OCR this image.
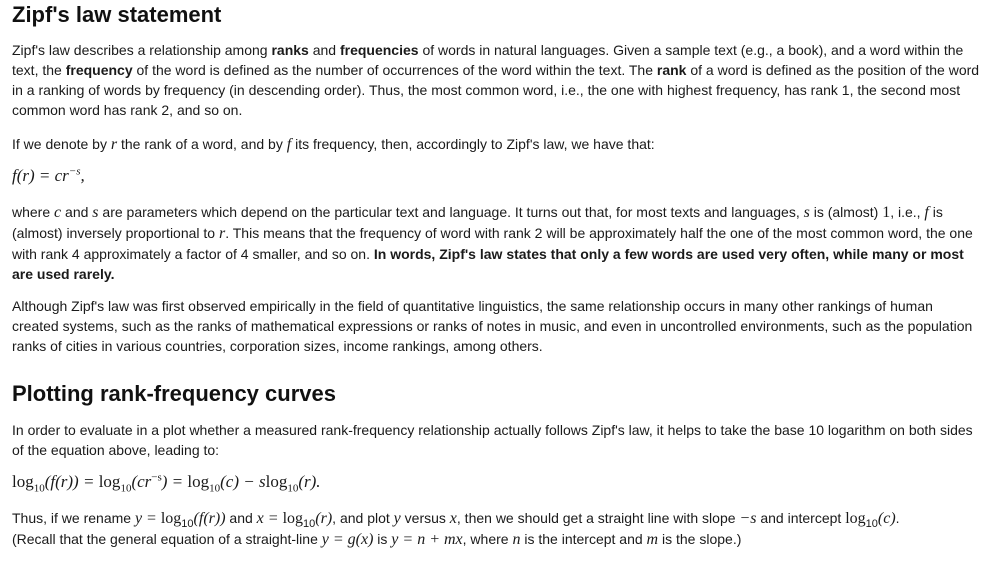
Zipf's law statement

Zipf's law describes a relationship among ranks and frequencies of words in natural languages. Given a sample text (e.g., a book), and a word within the text, the frequency of the word is defined as the number of occurrences of the word within the text. The rank of a word is defined as the position of the word in a ranking of words by frequency (in descending order). Thus, the most common word, i.e., the one with highest frequency, has rank 1, the second most common word has rank 2, and so on.

If we denote by r the rank of a word, and by f its frequency, then, accordingly to Zipf's law, we have that:

$f(r) = cr^{-s}$,

where c and s are parameters which depend on the particular text and language. It turns out that, for most texts and languages, s is (almost) 1, i.e., f is (almost) inversely proportional to r. This means that the frequency of word with rank 2 will be approximately half the one of the most common word, the one with rank 4 approximately a factor of 4 smaller, and so on. In words, Zipf's law states that only a few words are used very often, while many or most are used rarely.

Although Zipf's law was first observed empirically in the field of quantitative linguistics, the same relationship occurs in many other rankings of human created systems, such as the ranks of mathematical expressions or ranks of notes in music, and even in uncontrolled environments, such as the population ranks of cities in various countries, corporation sizes, income rankings, among others.

Plotting rank-frequency curves

In order to evaluate in a plot whether a measured rank-frequency relationship actually follows Zipf's law, it helps to take the base 10 logarithm on both sides of the equation above, leading to:

$\log_{10}(f(r)) = \log_{10}(cr^{-s}) = \log_{10}(c) - slog_{10}(r)$.

Thus, if we rename $y = \log_{10}(f(r))$ and $x = \log_{10}(r)$, and plot y versus x, then we should get a straight line with slope −s and intercept $\log_{10}(c)$.
(Recall that the general equation of a straight-line y = g(x) is y = n + mx, where n is the intercept and m is the slope.)
